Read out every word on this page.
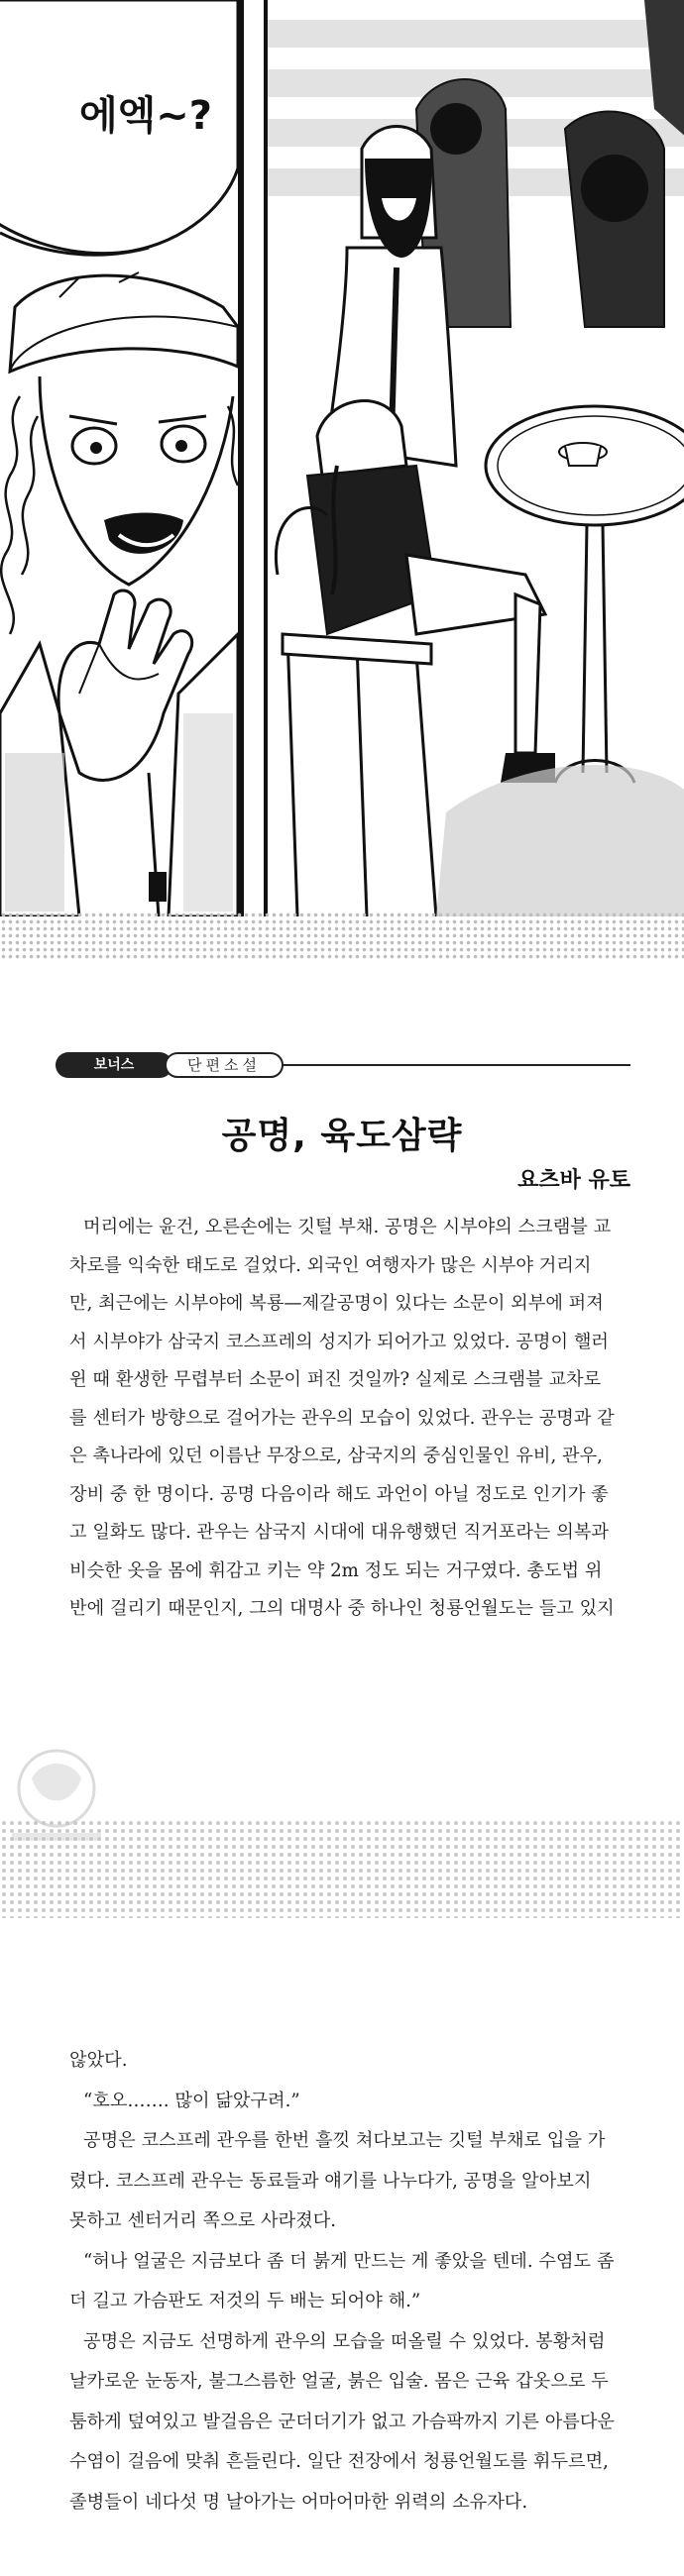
에엑~?
보너스	단편소설
공명, 육도삼략
요츠바 유토

머리에는 윤건, 오른손에는 깃털 부채. 공명은 시부야의 스크램블 교

차로를 익숙한 태도로 걸었다. 외국인 여행자가 많은 시부야 거리지

만, 최근에는 시부야에 복룡—제갈공명이 있다는 소문이 외부에 퍼져

서 시부야가 삼국지 코스프레의 성지가 되어가고 있었다. 공명이 핼러

윈 때 환생한 무렵부터 소문이 퍼진 것일까? 실제로 스크램블 교차로

를 센터가 방향으로 걸어가는 관우의 모습이 있었다. 관우는 공명과 같

은 촉나라에 있던 이름난 무장으로, 삼국지의 중심인물인 유비, 관우,

장비 중 한 명이다. 공명 다음이라 해도 과언이 아닐 정도로 인기가 좋

고 일화도 많다. 관우는 삼국지 시대에 대유행했던 직거포라는 의복과

비슷한 옷을 몸에 휘감고 키는 약 2m 정도 되는 거구였다. 총도법 위

반에 걸리기 때문인지, 그의 대명사 중 하나인 청룡언월도는 들고 있지

않았다.

“호오……. 많이 닮았구려.”

공명은 코스프레 관우를 한번 흘낏 쳐다보고는 깃털 부채로 입을 가

렸다. 코스프레 관우는 동료들과 얘기를 나누다가, 공명을 알아보지

못하고 센터거리 쪽으로 사라졌다.

“허나 얼굴은 지금보다 좀 더 붉게 만드는 게 좋았을 텐데. 수염도 좀

더 길고 가슴판도 저것의 두 배는 되어야 해.”

공명은 지금도 선명하게 관우의 모습을 떠올릴 수 있었다. 봉황처럼

날카로운 눈동자, 불그스름한 얼굴, 붉은 입술. 몸은 근육 갑옷으로 두

툼하게 덮여있고 발걸음은 군더더기가 없고 가슴팍까지 기른 아름다운

수염이 걸음에 맞춰 흔들린다. 일단 전장에서 청룡언월도를 휘두르면,

졸병들이 네다섯 명 날아가는 어마어마한 위력의 소유자다.
